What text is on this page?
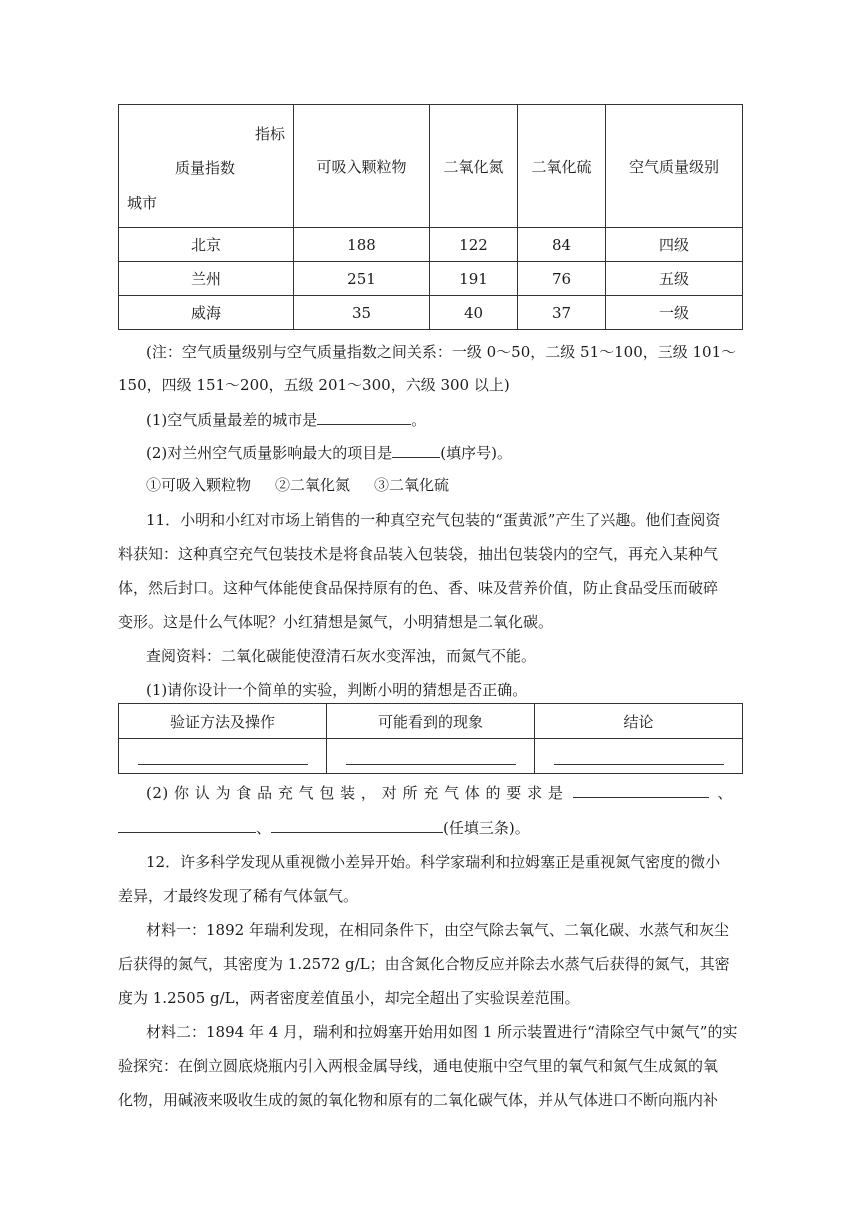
指标
质量指数
城市	可吸入颗粒物	二氧化氮	二氧化硫	空气质量级别
北京	188	122	84	四级
兰州	251	191	76	五级
威海	35	40	37	一级
(注：空气质量级别与空气质量指数之间关系：一级 0～50，二级 51～100，三级 101～
150，四级 151～200，五级 201～300，六级 300 以上)
(1)空气质量最差的城市是	。
(2)对兰州空气质量影响最大的项目是	(填序号)。
①可吸入颗粒物 ②二氧化氮 ③二氧化硫
11．小明和小红对市场上销售的一种真空充气包装的“蛋黄派”产生了兴趣。他们查阅资
料获知：这种真空充气包装技术是将食品装入包装袋，抽出包装袋内的空气，再充入某种气
体，然后封口。这种气体能使食品保持原有的色、香、味及营养价值，防止食品受压而破碎
变形。这是什么气体呢？小红猜想是氮气，小明猜想是二氧化碳。
查阅资料：二氧化碳能使澄清石灰水变浑浊，而氮气不能。
(1)请你设计一个简单的实验，判断小明的猜想是否正确。
验证方法及操作	可能看到的现象	结论

(2) 你 认 为 食 品 充 气 包 装 ， 对 所 充 气 体 的 要 求 是	、
、	(任填三条)。
12．许多科学发现从重视微小差异开始。科学家瑞利和拉姆塞正是重视氮气密度的微小
差异，才最终发现了稀有气体氩气。
材料一：1892 年瑞利发现，在相同条件下，由空气除去氧气、二氧化碳、水蒸气和灰尘
后获得的氮气，其密度为 1.2572 g/L；由含氮化合物反应并除去水蒸气后获得的氮气，其密
度为 1.2505 g/L，两者密度差值虽小，却完全超出了实验误差范围。
材料二：1894 年 4 月，瑞利和拉姆塞开始用如图 1 所示装置进行“清除空气中氮气”的实
验探究：在倒立圆底烧瓶内引入两根金属导线，通电使瓶中空气里的氧气和氮气生成氮的氧
化物，用碱液来吸收生成的氮的氧化物和原有的二氧化碳气体，并从气体进口不断向瓶内补
